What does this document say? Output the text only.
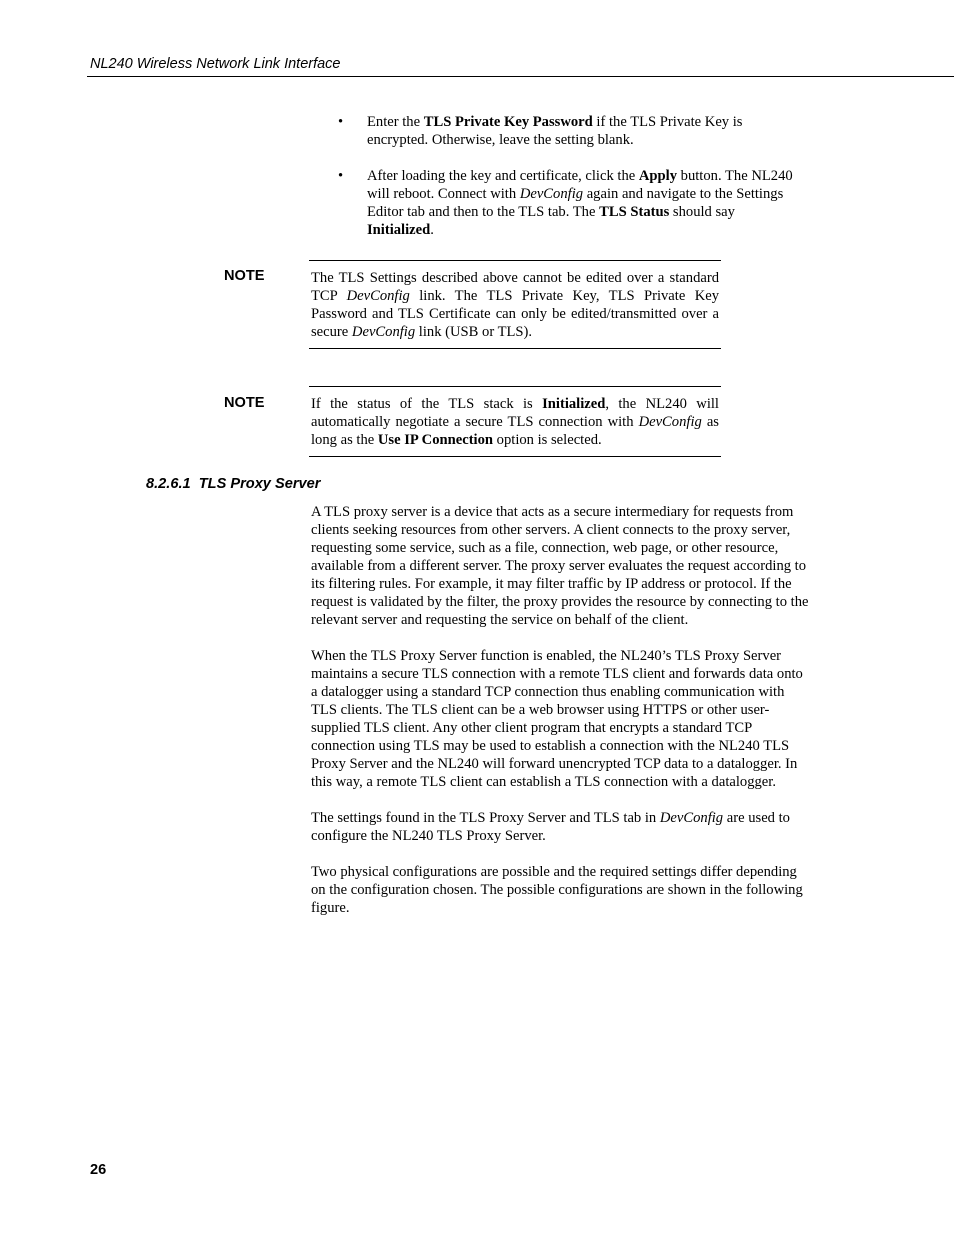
NL240 Wireless Network Link Interface
• Enter the TLS Private Key Password if the TLS Private Key is encrypted. Otherwise, leave the setting blank.
• After loading the key and certificate, click the Apply button. The NL240 will reboot. Connect with DevConfig again and navigate to the Settings Editor tab and then to the TLS tab. The TLS Status should say Initialized.
NOTE	The TLS Settings described above cannot be edited over a standard TCP DevConfig link. The TLS Private Key, TLS Private Key Password and TLS Certificate can only be edited/transmitted over a secure DevConfig link (USB or TLS).
NOTE	If the status of the TLS stack is Initialized, the NL240 will automatically negotiate a secure TLS connection with DevConfig as long as the Use IP Connection option is selected.
8.2.6.1 TLS Proxy Server

A TLS proxy server is a device that acts as a secure intermediary for requests from clients seeking resources from other servers. A client connects to the proxy server, requesting some service, such as a file, connection, web page, or other resource, available from a different server. The proxy server evaluates the request according to its filtering rules. For example, it may filter traffic by IP address or protocol. If the request is validated by the filter, the proxy provides the resource by connecting to the relevant server and requesting the service on behalf of the client.

When the TLS Proxy Server function is enabled, the NL240’s TLS Proxy Server maintains a secure TLS connection with a remote TLS client and forwards data onto a datalogger using a standard TCP connection thus enabling communication with TLS clients. The TLS client can be a web browser using HTTPS or other user-supplied TLS client. Any other client program that encrypts a standard TCP connection using TLS may be used to establish a connection with the NL240 TLS Proxy Server and the NL240 will forward unencrypted TCP data to a datalogger. In this way, a remote TLS client can establish a TLS connection with a datalogger.

The settings found in the TLS Proxy Server and TLS tab in DevConfig are used to configure the NL240 TLS Proxy Server.

Two physical configurations are possible and the required settings differ depending on the configuration chosen. The possible configurations are shown in the following figure.

26
